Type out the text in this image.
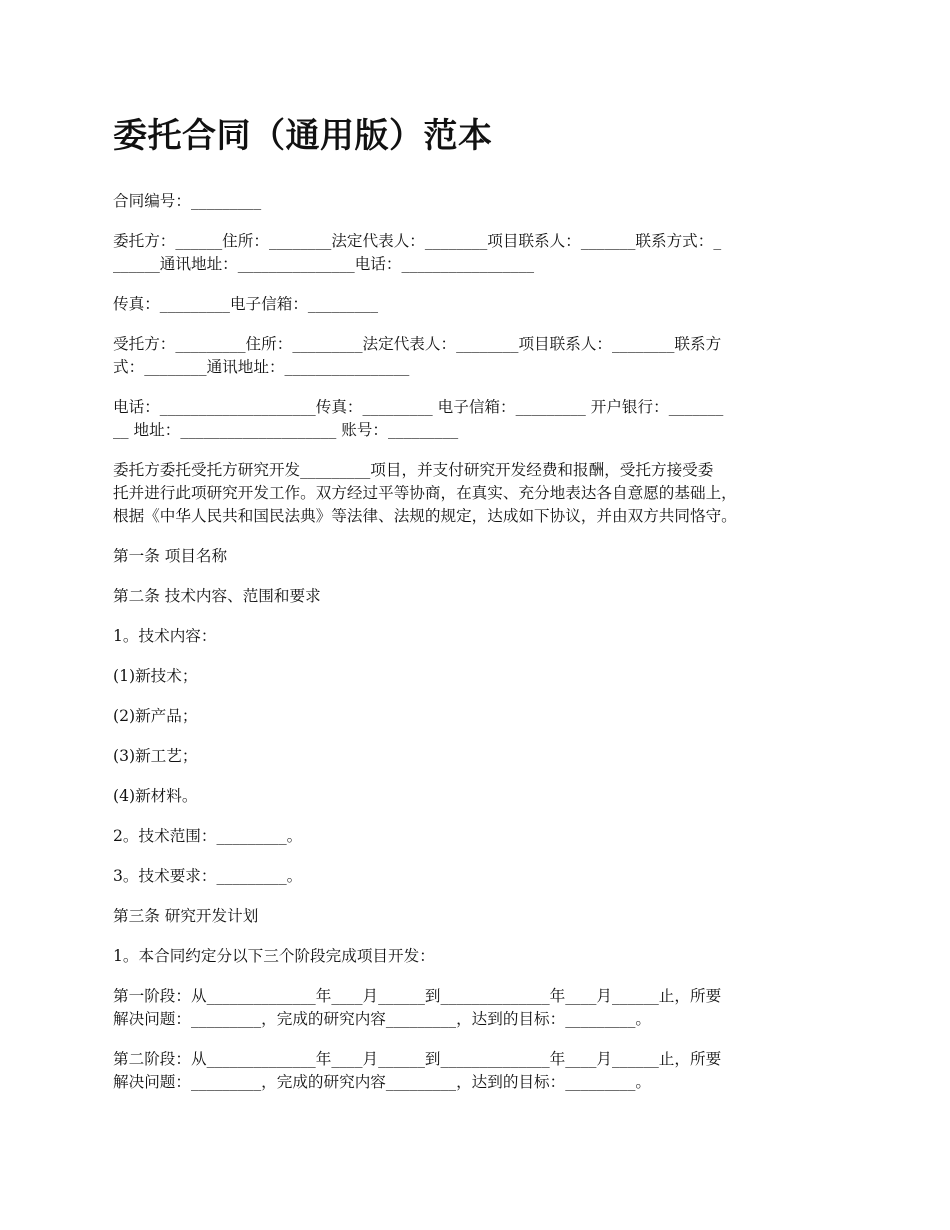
委托合同（通用版）范本

合同编号：_________

委托方：______住所：________法定代表人：________项目联系人：_______联系方式：_
______通讯地址：_______________电话：_________________

传真：_________电子信箱：_________

受托方：_________住所：_________法定代表人：________项目联系人：________联系方
式：________通讯地址：________________

电话：____________________传真：_________ 电子信箱：_________ 开户银行：_______
__ 地址：____________________ 账号：_________

委托方委托受托方研究开发_________项目，并支付研究开发经费和报酬，受托方接受委
托并进行此项研究开发工作。双方经过平等协商，在真实、充分地表达各自意愿的基础上，
根据《中华人民共和国民法典》等法律、法规的规定，达成如下协议，并由双方共同恪守。

第一条 项目名称

第二条 技术内容、范围和要求

1。技术内容：

(1)新技术；

(2)新产品；

(3)新工艺；

(4)新材料。

2。技术范围：_________。

3。技术要求：_________。

第三条 研究开发计划

1。本合同约定分以下三个阶段完成项目开发：

第一阶段：从______________年____月______到______________年____月______止，所要
解决问题：_________，完成的研究内容_________，达到的目标：_________。

第二阶段：从______________年____月______到______________年____月______止，所要
解决问题：_________，完成的研究内容_________，达到的目标：_________。
